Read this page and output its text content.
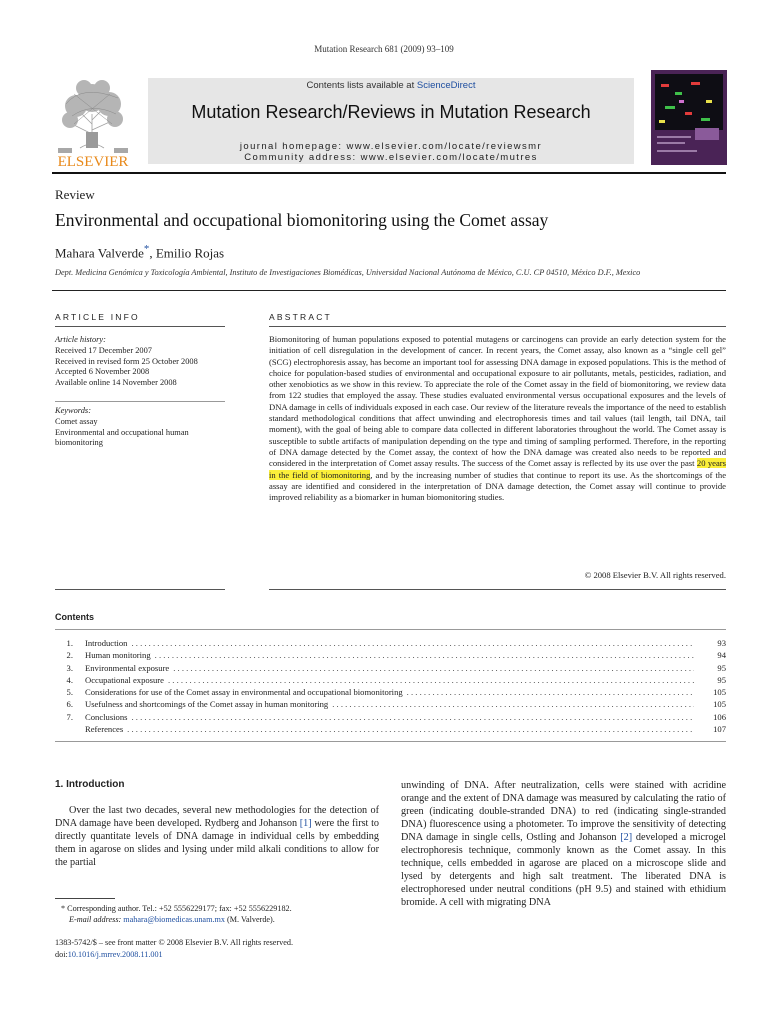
Mutation Research 681 (2009) 93–109
ELSEVIER
Contents lists available at ScienceDirect
Mutation Research/Reviews in Mutation Research
journal homepage: www.elsevier.com/locate/reviewsmr
Community address: www.elsevier.com/locate/mutres
Review
Environmental and occupational biomonitoring using the Comet assay
Mahara Valverde*, Emilio Rojas
Dept. Medicina Genómica y Toxicología Ambiental, Instituto de Investigaciones Biomédicas, Universidad Nacional Autónoma de México, C.U. CP 04510, México D.F., Mexico
ARTICLE INFO
Article history:
Received 17 December 2007
Received in revised form 25 October 2008
Accepted 6 November 2008
Available online 14 November 2008
Keywords:
Comet assay
Environmental and occupational human biomonitoring
ABSTRACT
Biomonitoring of human populations exposed to potential mutagens or carcinogens can provide an early detection system for the initiation of cell disregulation in the development of cancer. In recent years, the Comet assay, also known as a “single cell gel” (SCG) electrophoresis assay, has become an important tool for assessing DNA damage in exposed populations. This is the method of choice for population-based studies of environmental and occupational exposure to air pollutants, metals, pesticides, radiation, and other xenobiotics as we show in this review. To appreciate the role of the Comet assay in the field of biomonitoring, we review data from 122 studies that employed the assay. These studies evaluated environmental versus occupational exposures and the levels of DNA damage in cells of individuals exposed in each case. Our review of the literature reveals the importance of the need to establish standard methodological conditions that affect unwinding and electrophoresis times and tail values (tail length, tail DNA, tail moment), with the goal of being able to compare data collected in different laboratories throughout the world. The Comet assay is susceptible to subtle artifacts of manipulation depending on the type and timing of sampling performed. Therefore, in the reporting of DNA damage detected by the Comet assay, the context of how the DNA damage was created also needs to be reported and considered in the interpretation of Comet assay results. The success of the Comet assay is reflected by its use over the past 20 years in the field of biomonitoring, and by the increasing number of studies that continue to report its use. As the shortcomings of the assay are identified and considered in the interpretation of DNA damage detection, the Comet assay will continue to provide improved reliability as a biomarker in human biomonitoring studies.
© 2008 Elsevier B.V. All rights reserved.
Contents
1.	Introduction . . .	93
2.	Human monitoring . . .	94
3.	Environmental exposure . . .	95
4.	Occupational exposure . . .	95
5.	Considerations for use of the Comet assay in environmental and occupational biomonitoring . . .	105
6.	Usefulness and shortcomings of the Comet assay in human monitoring . . .	105
7.	Conclusions . . .	106
References . . .	107
1. Introduction

Over the last two decades, several new methodologies for the detection of DNA damage have been developed. Rydberg and Johanson [1] were the first to directly quantitate levels of DNA damage in individual cells by embedding them in agarose on slides and lysing under mild alkali conditions to allow for the partial

unwinding of DNA. After neutralization, cells were stained with acridine orange and the extent of DNA damage was measured by calculating the ratio of green (indicating double-stranded DNA) to red (indicating single-stranded DNA) fluorescence using a photometer. To improve the sensitivity of detecting DNA damage in single cells, Ostling and Johanson [2] developed a microgel electrophoresis technique, commonly known as the Comet assay. In this technique, cells embedded in agarose are placed on a microscope slide and lysed by detergents and high salt treatment. The liberated DNA is electrophoresed under neutral conditions (pH 9.5) and stained with ethidium bromide. A cell with migrating DNA

* Corresponding author. Tel.: +52 5556229177; fax: +52 5556229182.
E-mail address: mahara@biomedicas.unam.mx (M. Valverde).
1383-5742/$ – see front matter © 2008 Elsevier B.V. All rights reserved.
doi:10.1016/j.mrrev.2008.11.001
